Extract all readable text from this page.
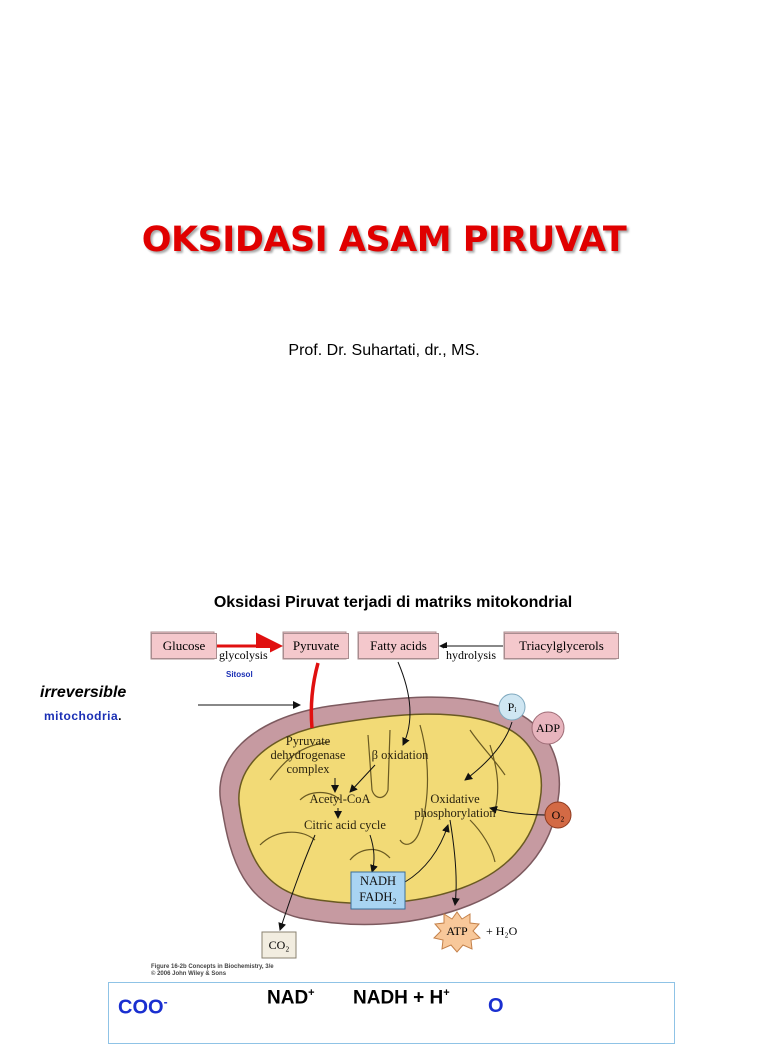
OKSIDASI ASAM PIRUVAT
Prof. Dr. Suhartati, dr., MS.
Oksidasi Piruvat terjadi di matriks mitokondrial
Glucose	Pyruvate	Fatty acids	Triacylglycerols
glycolysis	hydrolysis
Sitosol
irreversible
mitochodria.
Pyruvate
dehydrogenase
complex
β oxidation
Acetyl-CoA
Citric acid cycle
Oxidative
phosphorylation
NADH
FADH₂
Pᵢ
ADP
O₂
ATP	+ H₂O
CO₂
Figure 16-2b Concepts in Biochemistry, 3/e
© 2006 John Wiley & Sons
COO-	NAD+ NADH + H+
O
